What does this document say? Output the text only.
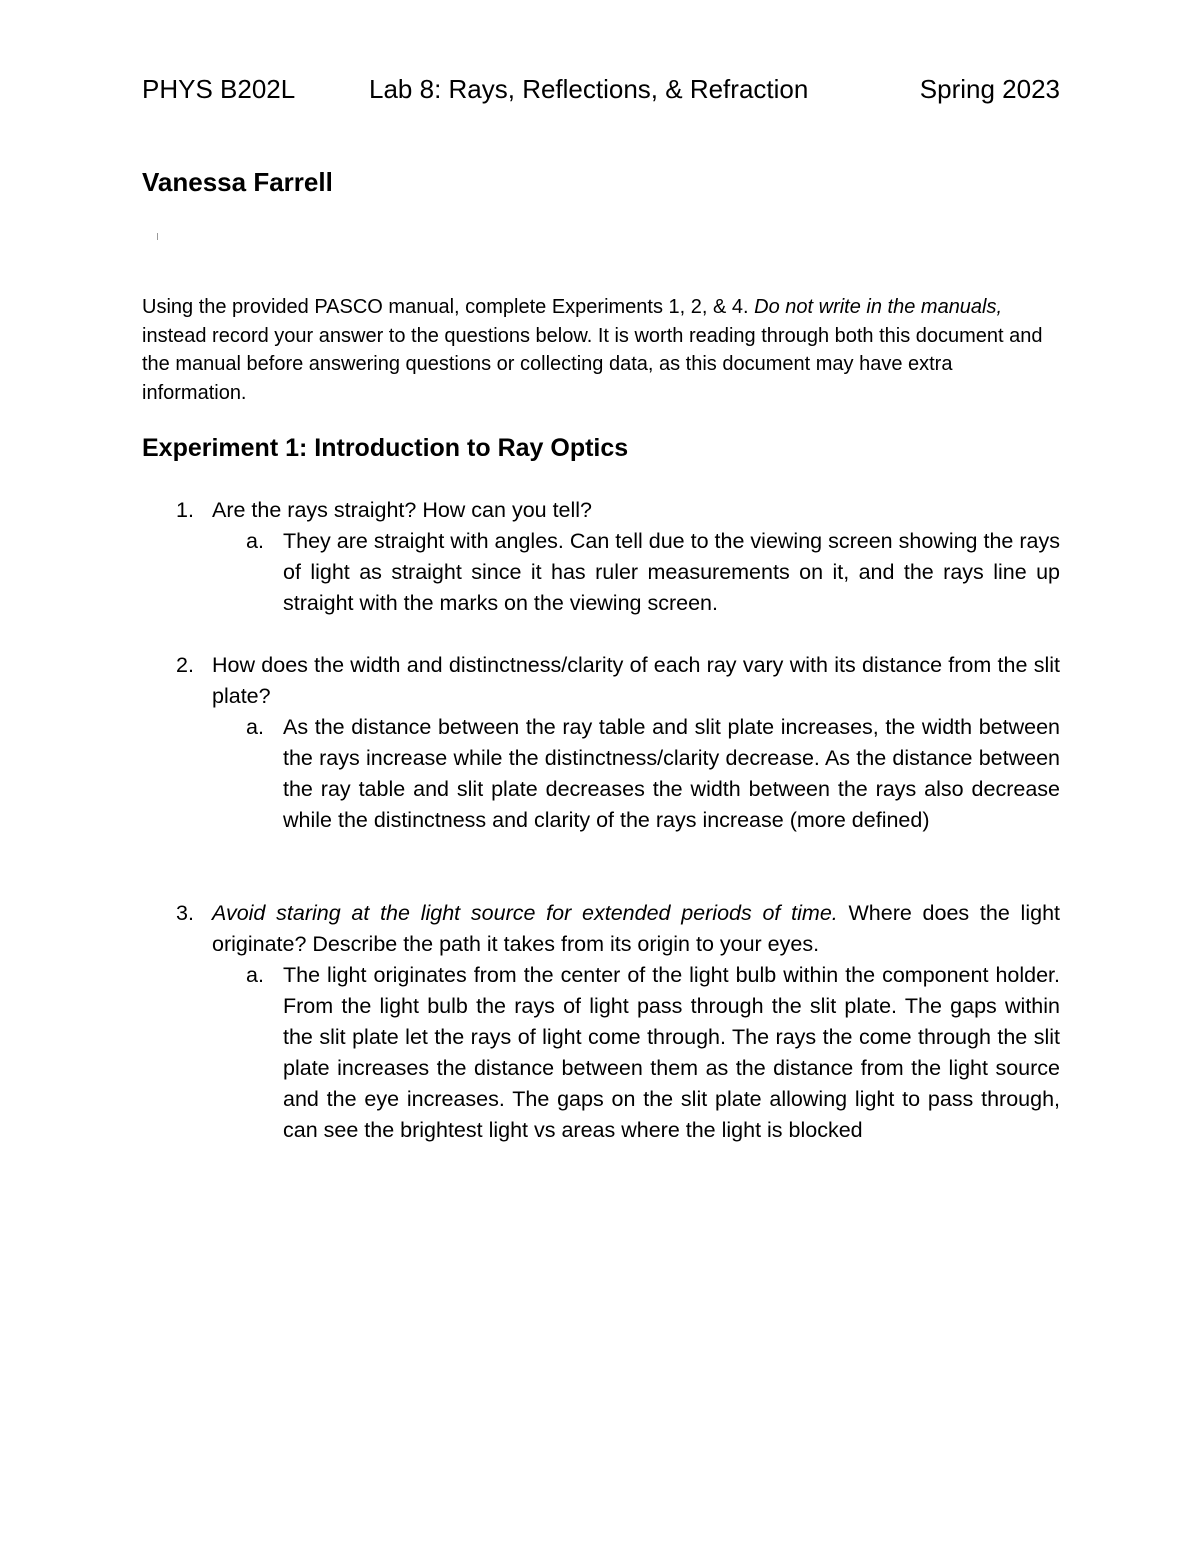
PHYS B202L	Lab 8: Rays, Reflections, & Refraction	Spring 2023
Vanessa Farrell
Using the provided PASCO manual, complete Experiments 1, 2, & 4. Do not write in the manuals, instead record your answer to the questions below. It is worth reading through both this document and the manual before answering questions or collecting data, as this document may have extra information.
Experiment 1: Introduction to Ray Optics
1. Are the rays straight? How can you tell?
a. They are straight with angles. Can tell due to the viewing screen showing the rays of light as straight since it has ruler measurements on it, and the rays line up straight with the marks on the viewing screen.
2. How does the width and distinctness/clarity of each ray vary with its distance from the slit plate?
a. As the distance between the ray table and slit plate increases, the width between the rays increase while the distinctness/clarity decrease. As the distance between the ray table and slit plate decreases the width between the rays also decrease while the distinctness and clarity of the rays increase (more defined)
3. Avoid staring at the light source for extended periods of time. Where does the light originate? Describe the path it takes from its origin to your eyes.
a. The light originates from the center of the light bulb within the component holder. From the light bulb the rays of light pass through the slit plate. The gaps within the slit plate let the rays of light come through. The rays the come through the slit plate increases the distance between them as the distance from the light source and the eye increases. The gaps on the slit plate allowing light to pass through, can see the brightest light vs areas where the light is blocked
